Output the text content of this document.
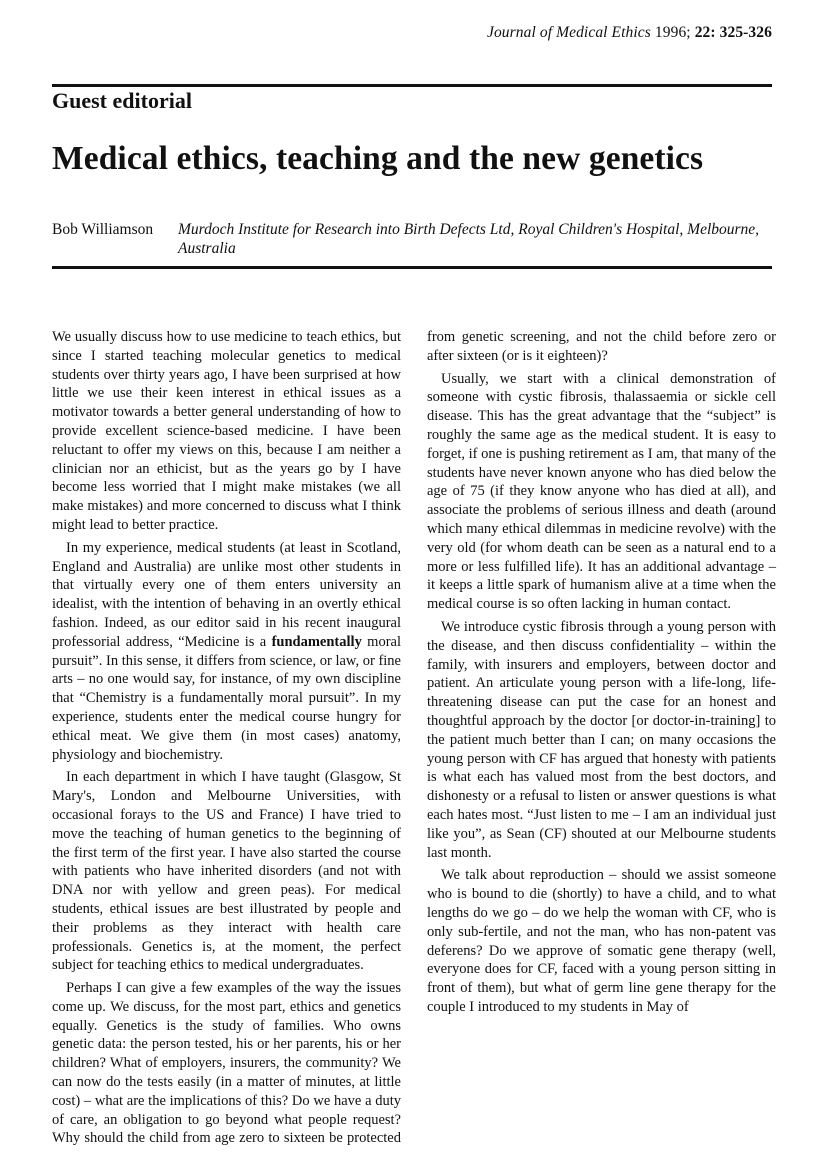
Journal of Medical Ethics 1996; 22: 325-326
Guest editorial
Medical ethics, teaching and the new genetics
Bob Williamson Murdoch Institute for Research into Birth Defects Ltd, Royal Children's Hospital, Melbourne, Australia

We usually discuss how to use medicine to teach ethics, but since I started teaching molecular genetics to medical students over thirty years ago, I have been surprised at how little we use their keen interest in ethical issues as a motivator towards a better general understanding of how to provide excellent science-based medicine. I have been reluctant to offer my views on this, because I am neither a clinician nor an ethicist, but as the years go by I have become less worried that I might make mistakes (we all make mistakes) and more concerned to discuss what I think might lead to better practice.

In my experience, medical students (at least in Scotland, England and Australia) are unlike most other students in that virtually every one of them enters university an idealist, with the intention of behaving in an overtly ethical fashion. Indeed, as our editor said in his recent inaugural professorial address, “Medicine is a fundamentally moral pursuit”. In this sense, it differs from science, or law, or fine arts – no one would say, for instance, of my own discipline that “Chemistry is a fundamentally moral pursuit”. In my experience, students enter the medical course hungry for ethical meat. We give them (in most cases) anatomy, physiology and biochemistry.

In each department in which I have taught (Glasgow, St Mary's, London and Melbourne Universities, with occasional forays to the US and France) I have tried to move the teaching of human genetics to the beginning of the first term of the first year. I have also started the course with patients who have inherited disorders (and not with DNA nor with yellow and green peas). For medical students, ethical issues are best illustrated by people and their problems as they interact with health care professionals. Genetics is, at the moment, the perfect subject for teaching ethics to medical undergraduates.

Perhaps I can give a few examples of the way the issues come up. We discuss, for the most part, ethics and genetics equally. Genetics is the study of families. Who owns genetic data: the person tested, his or her parents, his or her children? What of employers, insurers, the community? We can now do the tests easily (in a matter of minutes, at little cost) – what are the implications of this? Do we have a duty of care, an obligation to go beyond what people request? Why should the child from age zero to sixteen be protected from genetic screening, and not the child before zero or after sixteen (or is it eighteen)?

Usually, we start with a clinical demonstration of someone with cystic fibrosis, thalassaemia or sickle cell disease. This has the great advantage that the “subject” is roughly the same age as the medical student. It is easy to forget, if one is pushing retirement as I am, that many of the students have never known anyone who has died below the age of 75 (if they know anyone who has died at all), and associate the problems of serious illness and death (around which many ethical dilemmas in medicine revolve) with the very old (for whom death can be seen as a natural end to a more or less fulfilled life). It has an additional advantage – it keeps a little spark of humanism alive at a time when the medical course is so often lacking in human contact.

We introduce cystic fibrosis through a young person with the disease, and then discuss confidentiality – within the family, with insurers and employers, between doctor and patient. An articulate young person with a life-long, life-threatening disease can put the case for an honest and thoughtful approach by the doctor [or doctor-in-training] to the patient much better than I can; on many occasions the young person with CF has argued that honesty with patients is what each has valued most from the best doctors, and dishonesty or a refusal to listen or answer questions is what each hates most. “Just listen to me – I am an individual just like you”, as Sean (CF) shouted at our Melbourne students last month.

We talk about reproduction – should we assist someone who is bound to die (shortly) to have a child, and to what lengths do we go – do we help the woman with CF, who is only sub-fertile, and not the man, who has non-patent vas deferens? Do we approve of somatic gene therapy (well, everyone does for CF, faced with a young person sitting in front of them), but what of germ line gene therapy for the couple I introduced to my students in May of
